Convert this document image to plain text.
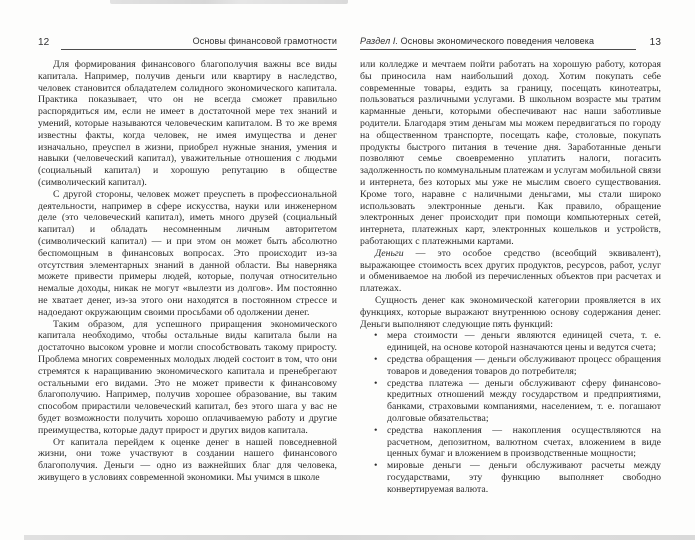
12	Основы финансовой грамотности

Для формирования финансового благополучия важны все виды капитала. Например, получив деньги или квартиру в наследство, человек становится обладателем солидного экономического капитала. Практика показывает, что он не всегда сможет правильно распорядиться им, если не имеет в достаточной мере тех знаний и умений, которые называются человеческим капиталом. В то же время известны факты, когда человек, не имея имущества и денег изначально, преуспел в жизни, приобрел нужные знания, умения и навыки (человеческий капитал), уважительные отношения с людьми (социальный капитал) и хорошую репутацию в обществе (символический капитал).

С другой стороны, человек может преуспеть в профессиональной деятельности, например в сфере искусства, науки или инженерном деле (это человеческий капитал), иметь много друзей (социальный капитал) и обладать несомненным личным авторитетом (символический капитал) — и при этом он может быть абсолютно беспомощным в финансовых вопросах. Это происходит из-за отсутствия элементарных знаний в данной области. Вы наверняка можете привести примеры людей, которые, получая относительно немалые доходы, никак не могут «вылезти из долгов». Им постоянно не хватает денег, из-за этого они находятся в постоянном стрессе и надоедают окружающим своими просьбами об одолжении денег.

Таким образом, для успешного приращения экономического капитала необходимо, чтобы остальные виды капитала были на достаточно высоком уровне и могли способствовать такому приросту. Проблема многих современных молодых людей состоит в том, что они стремятся к наращиванию экономического капитала и пренебрегают остальными его видами. Это не может привести к финансовому благополучию. Например, получив хорошее образование, вы таким способом прирастили человеческий капитал, без этого шага у вас не будет возможности получить хорошо оплачиваемую работу и другие преимущества, которые дадут прирост и других видов капитала.

От капитала перейдем к оценке денег в нашей повседневной жизни, они тоже участвуют в создании нашего финансового благополучия. Деньги — одно из важнейших благ для человека, живущего в условиях современной экономики. Мы учимся в школе

Раздел I. Основы экономического поведения человека	13

или колледже и мечтаем пойти работать на хорошую работу, которая бы приносила нам наибольший доход. Хотим покупать себе современные товары, ездить за границу, посещать кинотеатры, пользоваться различными услугами. В школьном возрасте мы тратим карманные деньги, которыми обеспечивают нас наши заботливые родители. Благодаря этим деньгам мы можем передвигаться по городу на общественном транспорте, посещать кафе, столовые, покупать продукты быстрого питания в течение дня. Заработанные деньги позволяют семье своевременно уплатить налоги, погасить задолженность по коммунальным платежам и услугам мобильной связи и интернета, без которых мы уже не мыслим своего существования. Кроме того, наравне с наличными деньгами, мы стали широко использовать электронные деньги. Как правило, обращение электронных денег происходит при помощи компьютерных сетей, интернета, платежных карт, электронных кошельков и устройств, работающих с платежными картами.

Деньги — это особое средство (всеобщий эквивалент), выражающее стоимость всех других продуктов, ресурсов, работ, услуг и обмениваемое на любой из перечисленных объектов при расчетах и платежах.

Сущность денег как экономической категории проявляется в их функциях, которые выражают внутреннюю основу содержания денег. Деньги выполняют следующие пять функций:

• мера стоимости — деньги являются единицей счета, т. е. единицей, на основе которой назначаются цены и ведутся счета;
• средства обращения — деньги обслуживают процесс обращения товаров и доведения товаров до потребителя;
• средства платежа — деньги обслуживают сферу финансово-кредитных отношений между государством и предприятиями, банками, страховыми компаниями, населением, т. е. погашают долговые обязательства;
• средства накопления — накопления осуществляются на расчетном, депозитном, валютном счетах, вложением в виде ценных бумаг и вложением в производственные мощности;
• мировые деньги — деньги обслуживают расчеты между государствами, эту функцию выполняет свободно конвертируемая валюта.
